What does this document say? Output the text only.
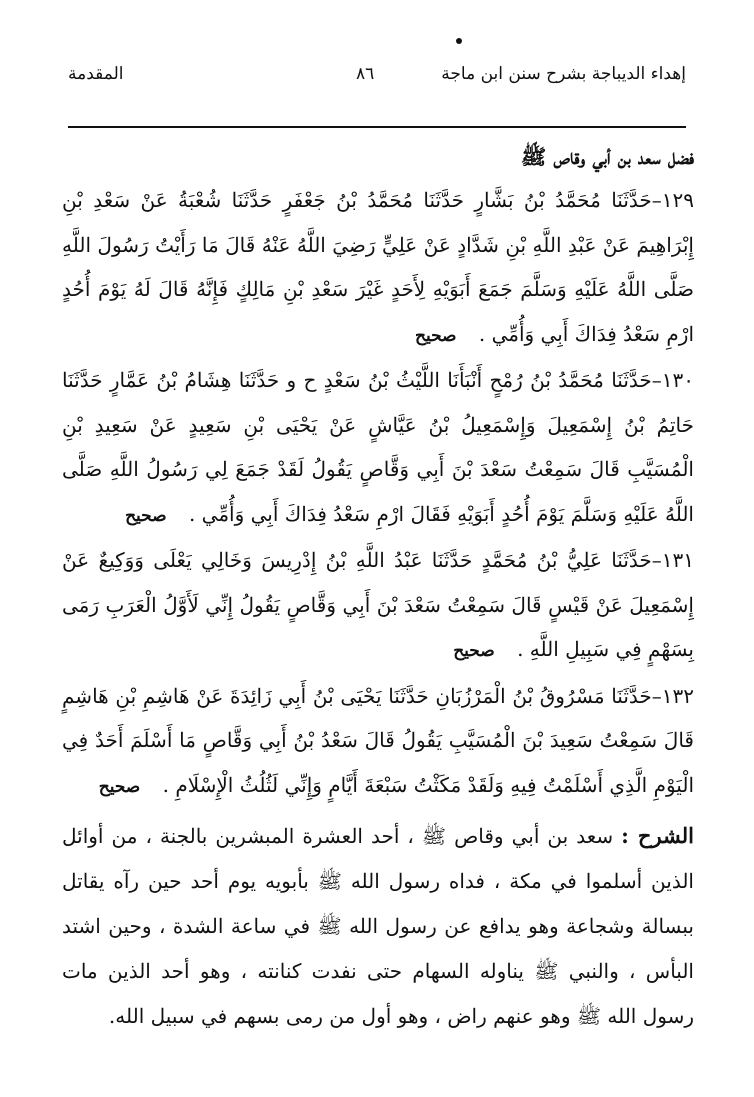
المقدمة	٨٦	إهداء الديباجة بشرح سنن ابن ماجة
فضل سعد بن أبي وقاص ﷺ

١٢٩–حَدَّثَنَا مُحَمَّدُ بْنُ بَشَّارٍ حَدَّثَنَا مُحَمَّدُ بْنُ جَعْفَرٍ حَدَّثَنَا شُعْبَةُ عَنْ سَعْدِ بْنِ إِبْرَاهِيمَ عَنْ عَبْدِ اللَّهِ بْنِ شَدَّادٍ عَنْ عَلِيٍّ رَضِيَ اللَّهُ عَنْهُ قَالَ مَا رَأَيْتُ رَسُولَ اللَّهِ صَلَّى اللَّهُ عَلَيْهِ وَسَلَّمَ جَمَعَ أَبَوَيْهِ لِأَحَدٍ غَيْرَ سَعْدِ بْنِ مَالِكٍ فَإِنَّهُ قَالَ لَهُ يَوْمَ أُحُدٍ ارْمِ سَعْدُ فِدَاكَ أَبِي وَأُمِّي . صحيح

١٣٠–حَدَّثَنَا مُحَمَّدُ بْنُ رُمْحٍ أَنْبَأَنَا اللَّيْثُ بْنُ سَعْدٍ ح و حَدَّثَنَا هِشَامُ بْنُ عَمَّارٍ حَدَّثَنَا حَاتِمُ بْنُ إِسْمَعِيلَ وَإِسْمَعِيلُ بْنُ عَيَّاشٍ عَنْ يَحْيَى بْنِ سَعِيدٍ عَنْ سَعِيدِ بْنِ الْمُسَيَّبِ قَالَ سَمِعْتُ سَعْدَ بْنَ أَبِي وَقَّاصٍ يَقُولُ لَقَدْ جَمَعَ لِي رَسُولُ اللَّهِ صَلَّى اللَّهُ عَلَيْهِ وَسَلَّمَ يَوْمَ أُحُدٍ أَبَوَيْهِ فَقَالَ ارْمِ سَعْدُ فِدَاكَ أَبِي وَأُمِّي . صحيح

١٣١–حَدَّثَنَا عَلِيُّ بْنُ مُحَمَّدٍ حَدَّثَنَا عَبْدُ اللَّهِ بْنُ إِدْرِيسَ وَخَالِي يَعْلَى وَوَكِيعٌ عَنْ إِسْمَعِيلَ عَنْ قَيْسٍ قَالَ سَمِعْتُ سَعْدَ بْنَ أَبِي وَقَّاصٍ يَقُولُ إِنِّي لَأَوَّلُ الْعَرَبِ رَمَى بِسَهْمٍ فِي سَبِيلِ اللَّهِ . صحيح

١٣٢–حَدَّثَنَا مَسْرُوقُ بْنُ الْمَرْزُبَانِ حَدَّثَنَا يَحْيَى بْنُ أَبِي زَائِدَةَ عَنْ هَاشِمِ بْنِ هَاشِمٍ قَالَ سَمِعْتُ سَعِيدَ بْنَ الْمُسَيَّبِ يَقُولُ قَالَ سَعْدُ بْنُ أَبِي وَقَّاصٍ مَا أَسْلَمَ أَحَدٌ فِي الْيَوْمِ الَّذِي أَسْلَمْتُ فِيهِ وَلَقَدْ مَكَثْتُ سَبْعَةَ أَيَّامٍ وَإِنِّي لَثُلُثُ الْإِسْلَامِ . صحيح

الشرح : سعد بن أبي وقاص ﷺ ، أحد العشرة المبشرين بالجنة ، من أوائل الذين أسلموا في مكة ، فداه رسول الله ﷺ بأبويه يوم أحد حين رآه يقاتل ببسالة وشجاعة وهو يدافع عن رسول الله ﷺ في ساعة الشدة ، وحين اشتد البأس ، والنبي ﷺ يناوله السهام حتى نفدت كنانته ، وهو أحد الذين مات رسول الله ﷺ وهو عنهم راض ، وهو أول من رمى بسهم في سبيل الله.
